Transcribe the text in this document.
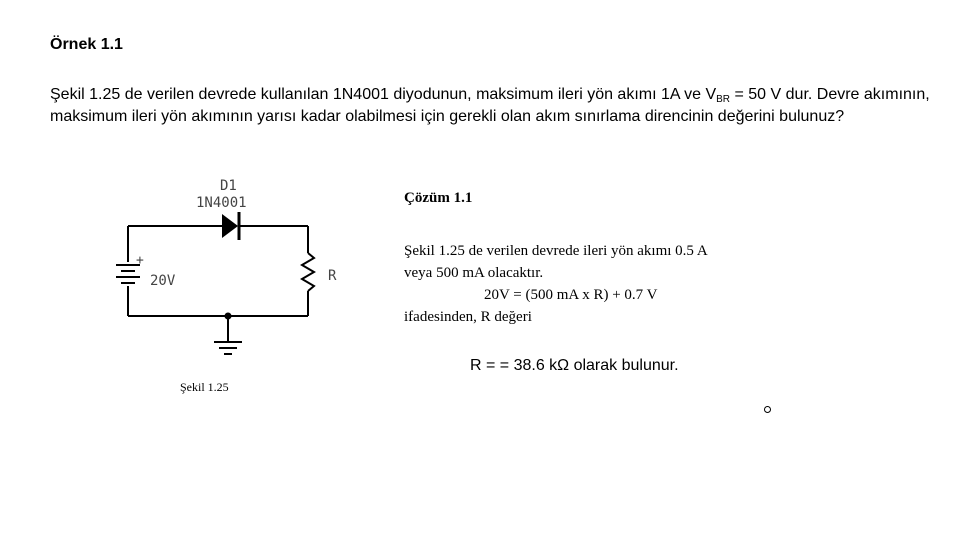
Örnek 1.1
Şekil 1.25 de verilen devrede kullanılan 1N4001 diyodunun, maksimum ileri yön akımı 1A ve $V_{BR} = 50$ V dur. Devre akımının, maksimum ileri yön akımının yarısı kadar olabilmesi için gerekli olan akım sınırlama direncinin değerini bulunuz?
D1
1N4001
+
20V	R
Şekil 1.25
Çözüm 1.1
Şekil 1.25 de verilen devrede ileri yön akımı 0.5 A
veya 500 mA olacaktır.
20V = (500 mA x R) + 0.7 V
ifadesinden, R değeri
R = = 38.6 kΩ olarak bulunur.
